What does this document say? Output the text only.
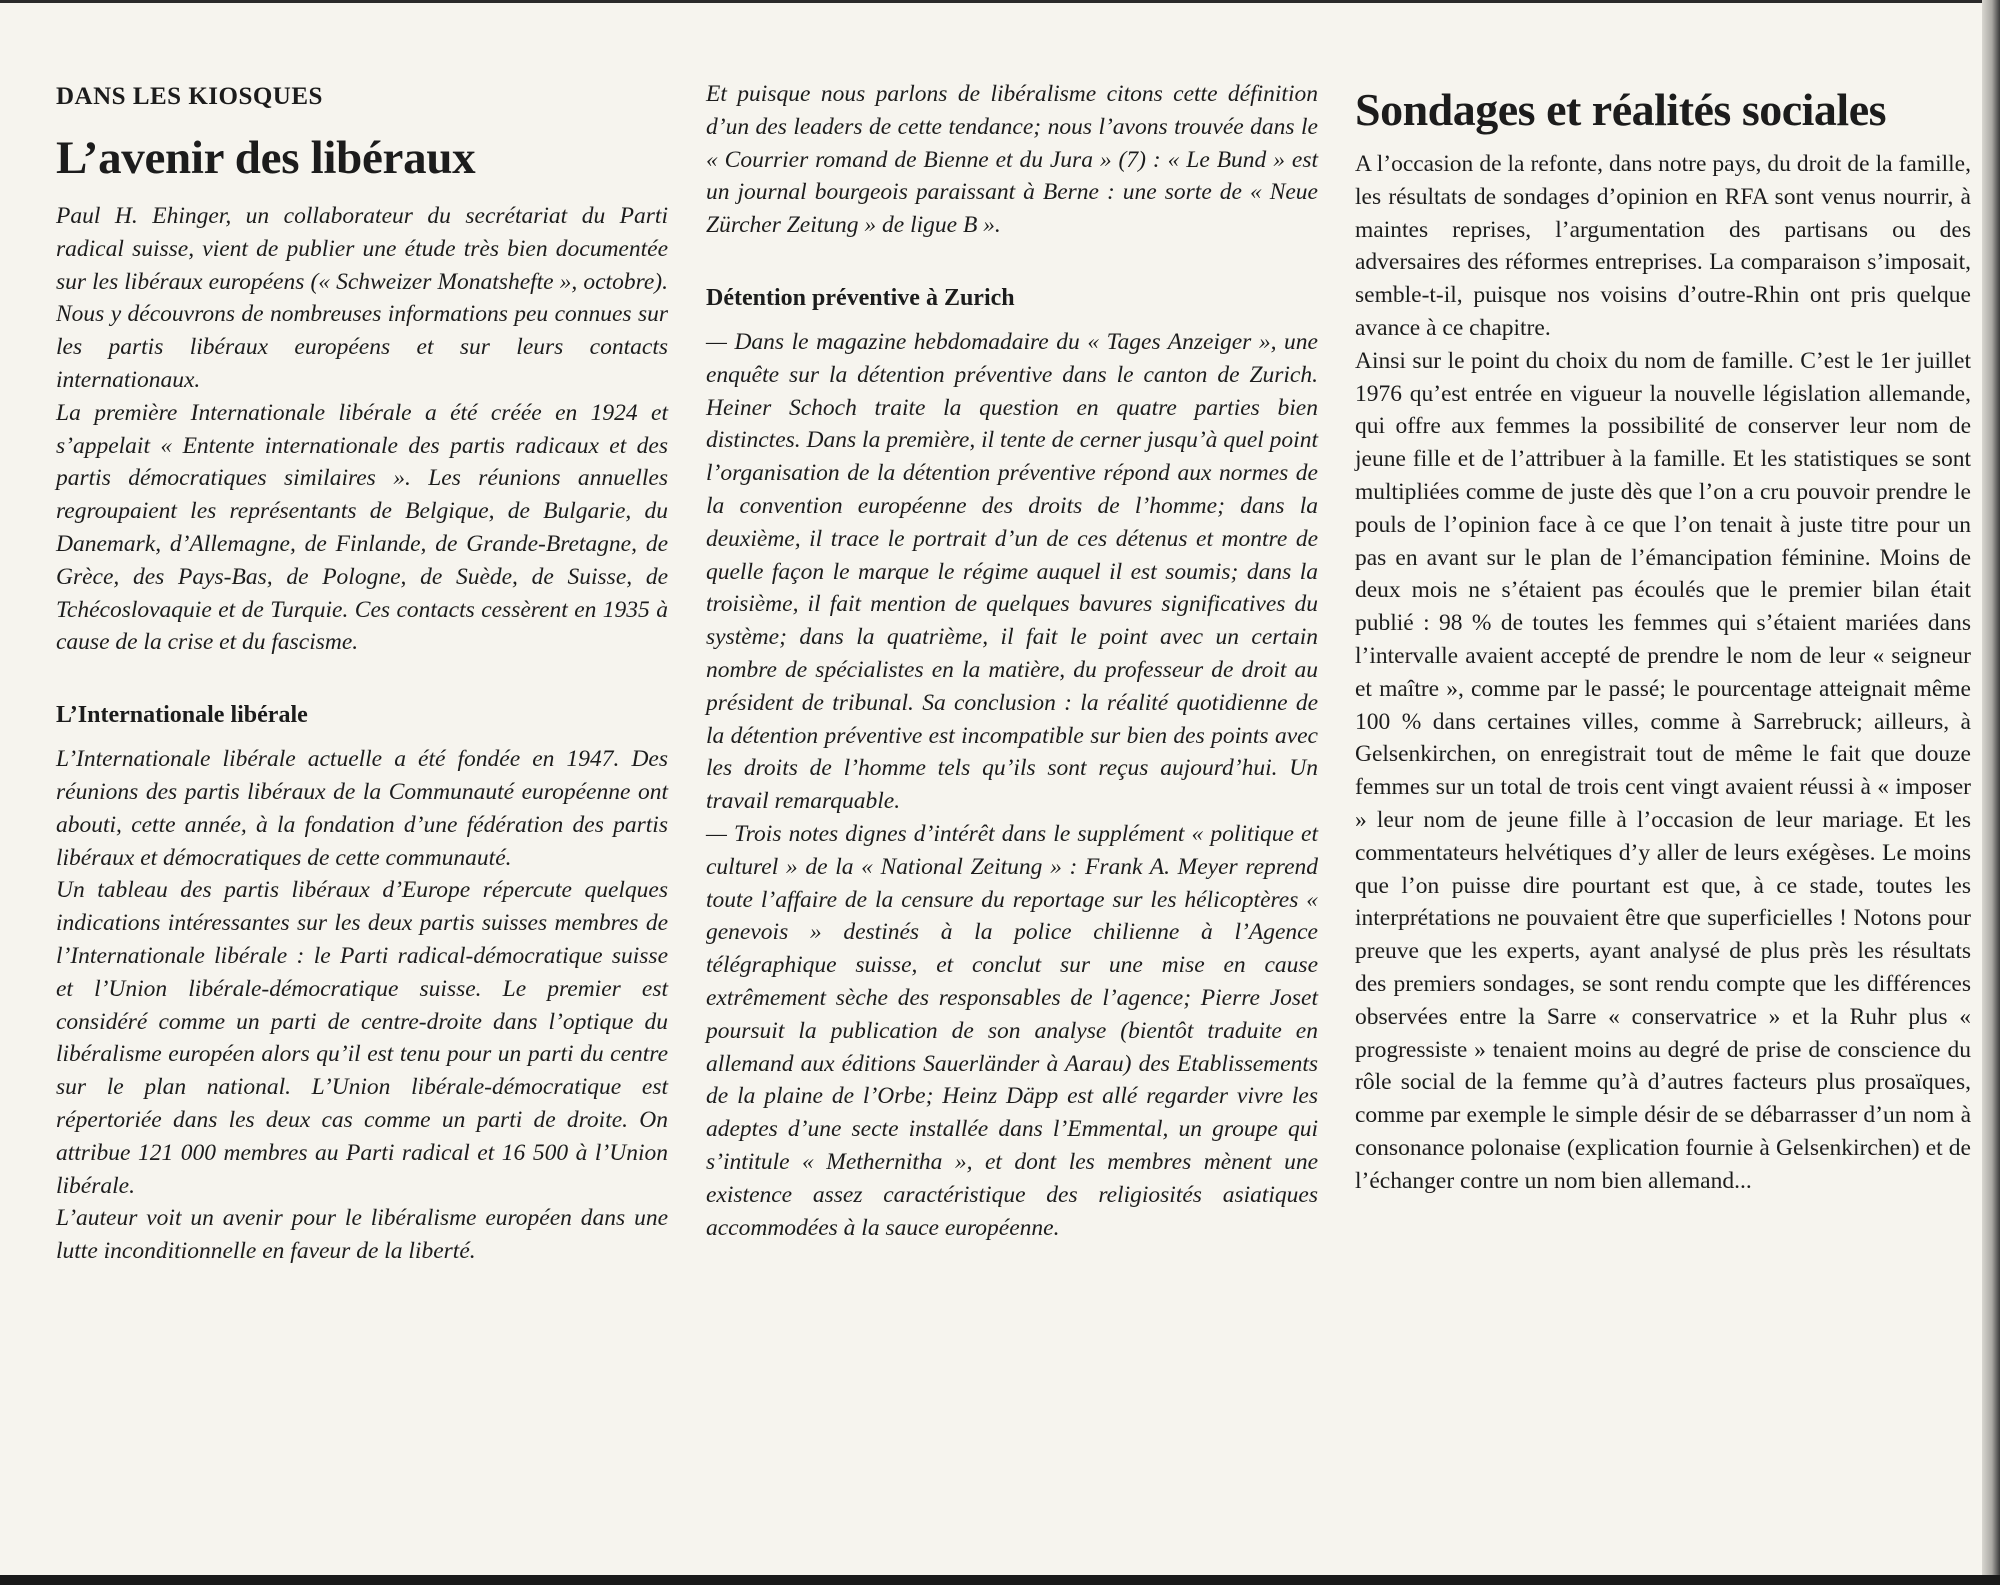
DANS LES KIOSQUES
L’avenir des libéraux

Paul H. Ehinger, un collaborateur du secrétariat du Parti radical suisse, vient de publier une étude très bien documentée sur les libéraux européens (« Schweizer Monatshefte », octobre). Nous y découvrons de nombreuses informations peu connues sur les partis libéraux européens et sur leurs contacts internationaux.

La première Internationale libérale a été créée en 1924 et s’appelait « Entente internationale des partis radicaux et des partis démocratiques similaires ». Les réunions annuelles regroupaient les représentants de Belgique, de Bulgarie, du Danemark, d’Allemagne, de Finlande, de Grande-Bretagne, de Grèce, des Pays-Bas, de Pologne, de Suède, de Suisse, de Tchécoslovaquie et de Turquie. Ces contacts cessèrent en 1935 à cause de la crise et du fascisme.

L’Internationale libérale

L’Internationale libérale actuelle a été fondée en 1947. Des réunions des partis libéraux de la Communauté européenne ont abouti, cette année, à la fondation d’une fédération des partis libéraux et démocratiques de cette communauté.

Un tableau des partis libéraux d’Europe répercute quelques indications intéressantes sur les deux partis suisses membres de l’Internationale libérale : le Parti radical-démocratique suisse et l’Union libérale-démocratique suisse. Le premier est considéré comme un parti de centre-droite dans l’optique du libéralisme européen alors qu’il est tenu pour un parti du centre sur le plan national. L’Union libérale-démocratique est répertoriée dans les deux cas comme un parti de droite. On attribue 121 000 membres au Parti radical et 16 500 à l’Union libérale.

L’auteur voit un avenir pour le libéralisme européen dans une lutte inconditionnelle en faveur de la liberté.

Et puisque nous parlons de libéralisme citons cette définition d’un des leaders de cette tendance; nous l’avons trouvée dans le « Courrier romand de Bienne et du Jura » (7) : « Le Bund » est un journal bourgeois paraissant à Berne : une sorte de « Neue Zürcher Zeitung » de ligue B ».

Détention préventive à Zurich

— Dans le magazine hebdomadaire du « Tages Anzeiger », une enquête sur la détention préventive dans le canton de Zurich. Heiner Schoch traite la question en quatre parties bien distinctes. Dans la première, il tente de cerner jusqu’à quel point l’organisation de la détention préventive répond aux normes de la convention européenne des droits de l’homme; dans la deuxième, il trace le portrait d’un de ces détenus et montre de quelle façon le marque le régime auquel il est soumis; dans la troisième, il fait mention de quelques bavures significatives du système; dans la quatrième, il fait le point avec un certain nombre de spécialistes en la matière, du professeur de droit au président de tribunal. Sa conclusion : la réalité quotidienne de la détention préventive est incompatible sur bien des points avec les droits de l’homme tels qu’ils sont reçus aujourd’hui. Un travail remarquable.

— Trois notes dignes d’intérêt dans le supplément « politique et culturel » de la « National Zeitung » : Frank A. Meyer reprend toute l’affaire de la censure du reportage sur les hélicoptères « genevois » destinés à la police chilienne à l’Agence télégraphique suisse, et conclut sur une mise en cause extrêmement sèche des responsables de l’agence; Pierre Joset poursuit la publication de son analyse (bientôt traduite en allemand aux éditions Sauerländer à Aarau) des Etablissements de la plaine de l’Orbe; Heinz Däpp est allé regarder vivre les adeptes d’une secte installée dans l’Emmental, un groupe qui s’intitule « Methernitha », et dont les membres mènent une existence assez caractéristique des religiosités asiatiques accommodées à la sauce européenne.

Sondages et réalités sociales

A l’occasion de la refonte, dans notre pays, du droit de la famille, les résultats de sondages d’opinion en RFA sont venus nourrir, à maintes reprises, l’argumentation des partisans ou des adversaires des réformes entreprises. La comparaison s’imposait, semble-t-il, puisque nos voisins d’outre-Rhin ont pris quelque avance à ce chapitre.

Ainsi sur le point du choix du nom de famille. C’est le 1er juillet 1976 qu’est entrée en vigueur la nouvelle législation allemande, qui offre aux femmes la possibilité de conserver leur nom de jeune fille et de l’attribuer à la famille. Et les statistiques se sont multipliées comme de juste dès que l’on a cru pouvoir prendre le pouls de l’opinion face à ce que l’on tenait à juste titre pour un pas en avant sur le plan de l’émancipation féminine. Moins de deux mois ne s’étaient pas écoulés que le premier bilan était publié : 98 % de toutes les femmes qui s’étaient mariées dans l’intervalle avaient accepté de prendre le nom de leur « seigneur et maître », comme par le passé; le pourcentage atteignait même 100 % dans certaines villes, comme à Sarrebruck; ailleurs, à Gelsenkirchen, on enregistrait tout de même le fait que douze femmes sur un total de trois cent vingt avaient réussi à « imposer » leur nom de jeune fille à l’occasion de leur mariage. Et les commentateurs helvétiques d’y aller de leurs exégèses. Le moins que l’on puisse dire pourtant est que, à ce stade, toutes les interprétations ne pouvaient être que superficielles ! Notons pour preuve que les experts, ayant analysé de plus près les résultats des premiers sondages, se sont rendu compte que les différences observées entre la Sarre « conservatrice » et la Ruhr plus « progressiste » tenaient moins au degré de prise de conscience du rôle social de la femme qu’à d’autres facteurs plus prosaïques, comme par exemple le simple désir de se débarrasser d’un nom à consonance polonaise (explication fournie à Gelsenkirchen) et de l’échanger contre un nom bien allemand...
